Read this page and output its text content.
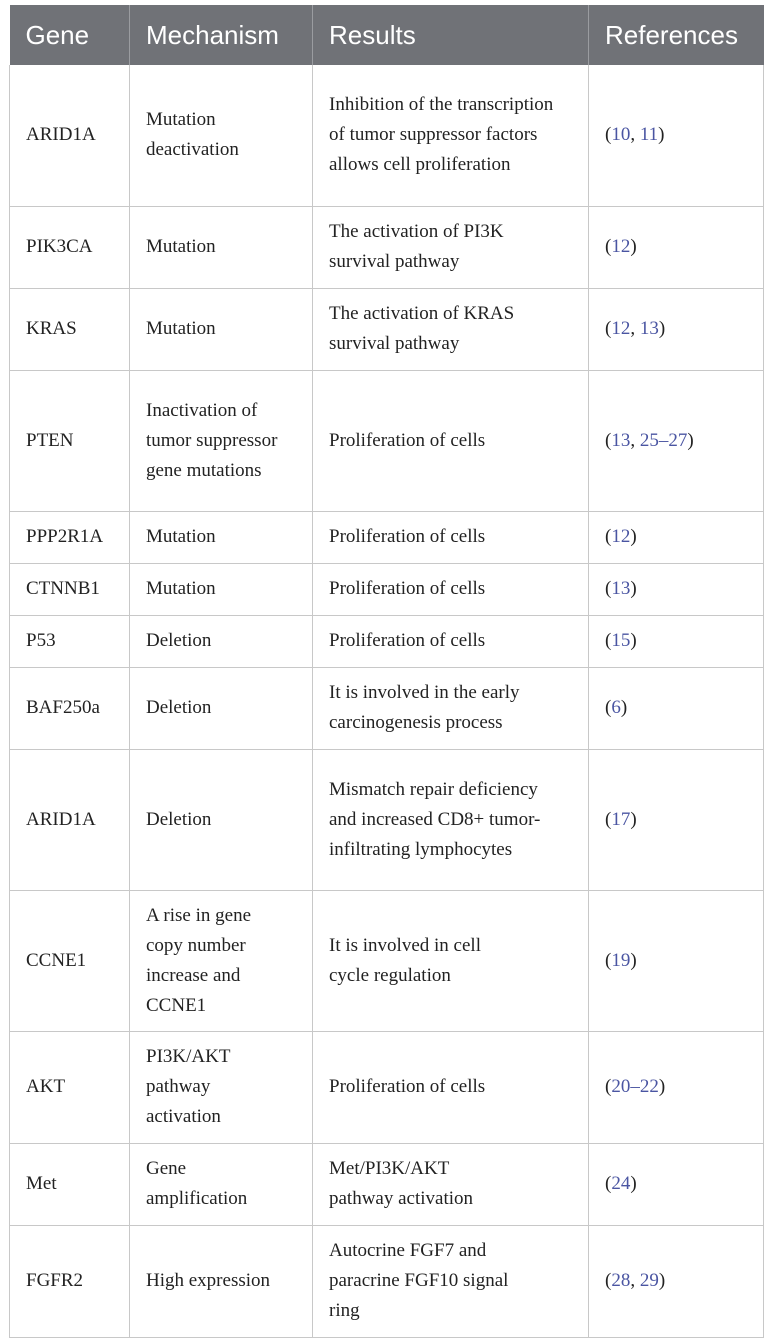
Gene	Mechanism	Results	References
ARID1A	Mutation deactivation	Inhibition of the transcription of tumor suppressor factors allows cell proliferation	(10, 11)
PIK3CA	Mutation	The activation of PI3K survival pathway	(12)
KRAS	Mutation	The activation of KRAS survival pathway	(12, 13)
PTEN	Inactivation of tumor suppressor gene mutations	Proliferation of cells	(13, 25–27)
PPP2R1A	Mutation	Proliferation of cells	(12)
CTNNB1	Mutation	Proliferation of cells	(13)
P53	Deletion	Proliferation of cells	(15)
BAF250a	Deletion	It is involved in the early carcinogenesis process	(6)
ARID1A	Deletion	Mismatch repair deficiency and increased CD8+ tumor-infiltrating lymphocytes	(17)
CCNE1	A rise in gene copy number increase and CCNE1	It is involved in cell cycle regulation	(19)
AKT	PI3K/AKT pathway activation	Proliferation of cells	(20–22)
Met	Gene amplification	Met/PI3K/AKT pathway activation	(24)
FGFR2	High expression	Autocrine FGF7 and paracrine FGF10 signal ring	(28, 29)
